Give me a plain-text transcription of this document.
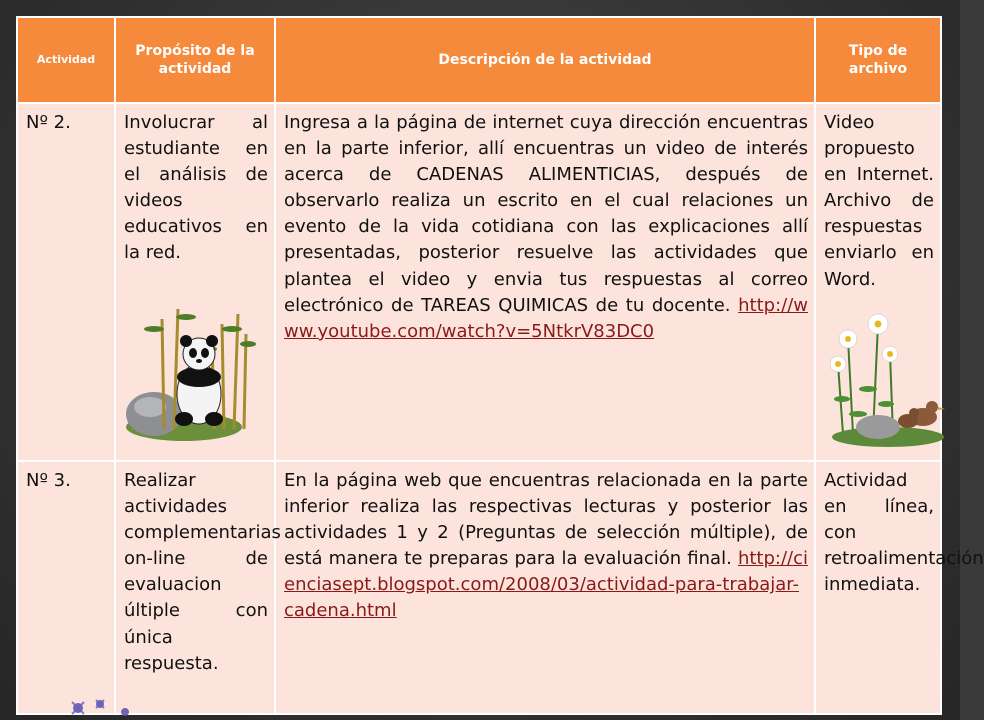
Actividad	Propósito de la actividad	Descripción de la actividad	Tipo de archivo
Nº 2.	Involucrar al estudiante en el análisis de videos educativos en la red.	Ingresa a la página de internet cuya dirección encuentras en la parte inferior, allí encuentras un video de interés acerca de CADENAS ALIMENTICIAS, después de observarlo realiza un escrito en el cual relaciones un evento de la vida cotidiana con las explicaciones allí presentadas, posterior resuelve las actividades que plantea el video y envia tus respuestas al correo electrónico de TAREAS QUIMICAS de tu docente. http://www.youtube.com/watch?v=5NtkrV83DC0	Video propuesto en Internet. Archivo de respuestas enviarlo en Word.

Nº 3.	Realizar actividades complementarias on-line de evaluacion últiple con única respuesta.	En la página web que encuentras relacionada en la parte inferior realiza las respectivas lecturas y posterior las actividades 1 y 2 (Preguntas de selección múltiple), de está manera te preparas para la evaluación final. http://cienciasept.blogspot.com/2008/03/actividad-para-trabajar-cadena.html	Actividad en línea, con retroalimentación inmediata.
